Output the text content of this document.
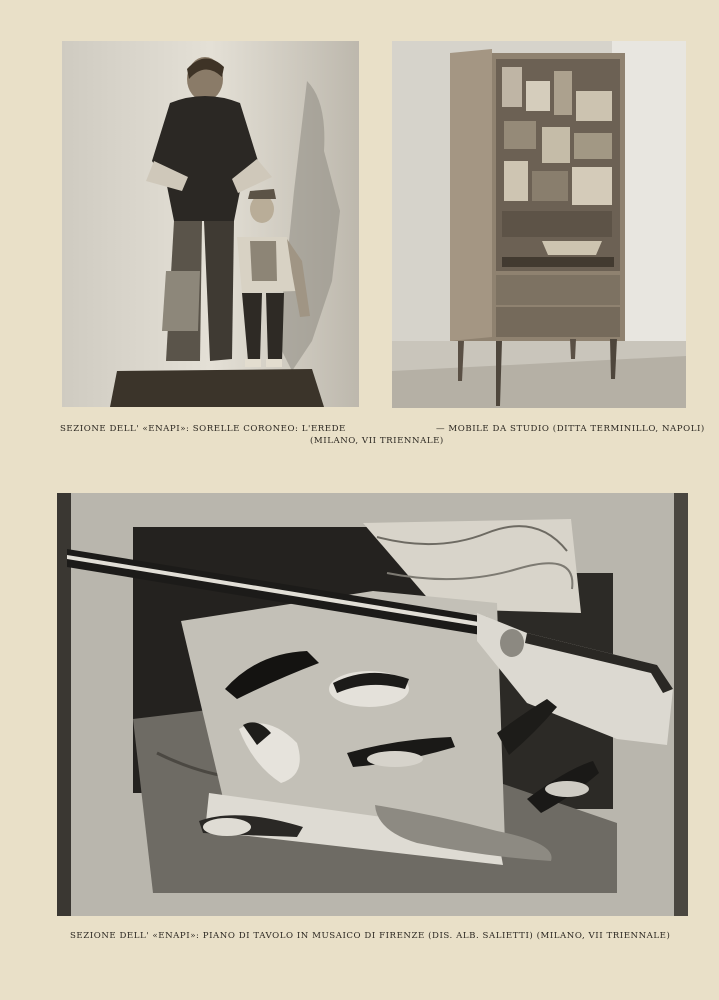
SEZIONE DELL' «ENAPI»: SORELLE CORONEO: L'EREDE	— MOBILE DA STUDIO (DITTA TERMINILLO, NAPOLI)
(MILANO, VII TRIENNALE)
SEZIONE DELL' «ENAPI»: PIANO DI TAVOLO IN MUSAICO DI FIRENZE (DIS. ALB. SALIETTI) (MILANO, VII TRIENNALE)
